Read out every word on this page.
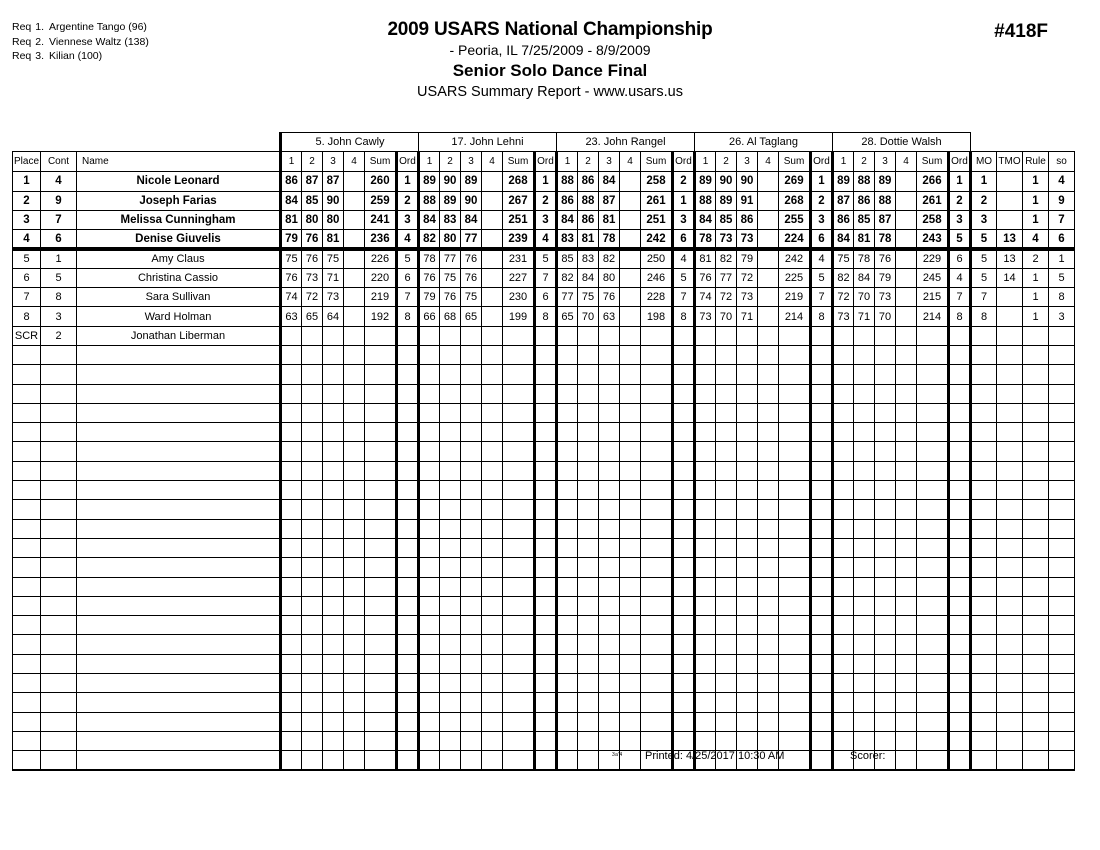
Req 1. Argentine Tango (96)
Req 2. Viennese Waltz (138)
Req 3. Kilian (100)
2009 USARS National Championship
- Peoria, IL 7/25/2009 - 8/9/2009
Senior Solo Dance Final
USARS Summary Report - www.usars.us
#418F
			5. John Cawly						17. John Lehni						23. John Rangel						26. Al Taglang						28. Dottie Walsh									
Place	Cont	Name	1	2	3	4	Sum	Ord	1	2	3	4	Sum	Ord	1	2	3	4	Sum	Ord	1	2	3	4	Sum	Ord	1	2	3	4	Sum	Ord	MO	TMO	Rule	so
1	4	Nicole Leonard	86	87	87		260	1	89	90	89		268	1	88	86	84		258	2	89	90	90		269	1	89	88	89		266	1	1		1	4
2	9	Joseph Farias	84	85	90		259	2	88	89	90		267	2	86	88	87		261	1	88	89	91		268	2	87	86	88		261	2	2		1	9
3	7	Melissa Cunningham	81	80	80		241	3	84	83	84		251	3	84	86	81		251	3	84	85	86		255	3	86	85	87		258	3	3		1	7
4	6	Denise Giuvelis	79	76	81		236	4	82	80	77		239	4	83	81	78		242	6	78	73	73		224	6	84	81	78		243	5	5	13	4	6
5	1	Amy Claus	75	76	75		226	5	78	77	76		231	5	85	83	82		250	4	81	82	79		242	4	75	78	76		229	6	5	13	2	1
6	5	Christina Cassio	76	73	71		220	6	76	75	76		227	7	82	84	80		246	5	76	77	72		225	5	82	84	79		245	4	5	14	1	5
7	8	Sara Sullivan	74	72	73		219	7	79	76	75		230	6	77	75	76		228	7	74	72	73		219	7	72	70	73		215	7	7		1	8
8	3	Ward Holman	63	65	64		192	8	66	68	65		199	8	65	70	63		198	8	73	70	71		214	8	73	71	70		214	8	8		1	3
SCR	2	Jonathan Liberman																																		

3a'4 Printed: 4/25/2017 10:30 AM	Scorer:
